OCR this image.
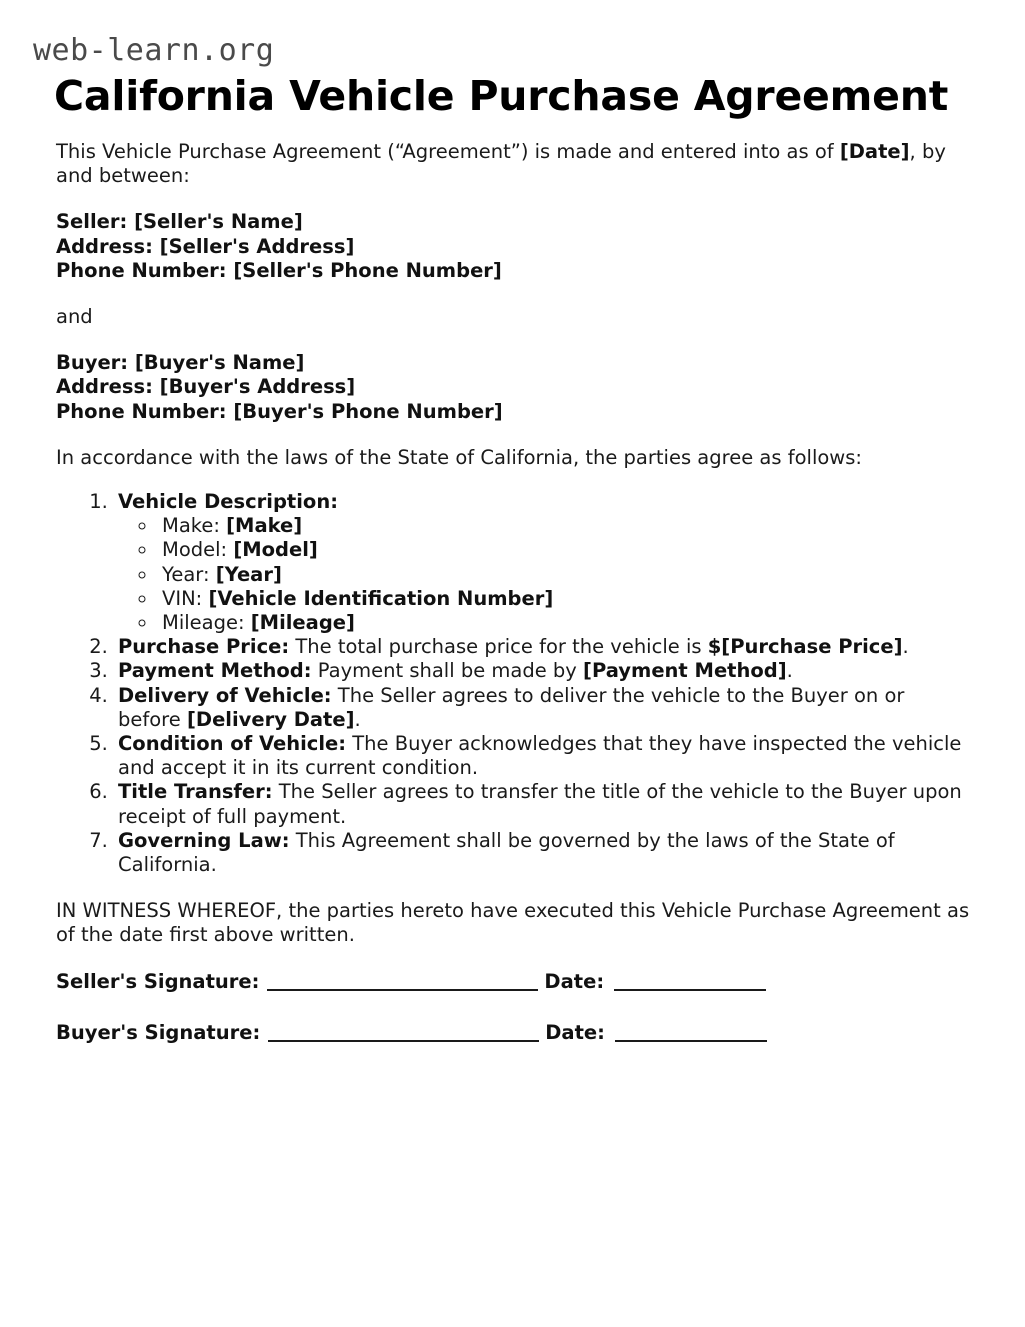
web-learn.org
California Vehicle Purchase Agreement

This Vehicle Purchase Agreement (“Agreement”) is made and entered into as of [Date], by and between:

Seller: [Seller's Name]
Address: [Seller's Address]
Phone Number: [Seller's Phone Number]

and

Buyer: [Buyer's Name]
Address: [Buyer's Address]
Phone Number: [Buyer's Phone Number]

In accordance with the laws of the State of California, the parties agree as follows:

1. Vehicle Description:
◦ Make: [Make]
◦ Model: [Model]
◦ Year: [Year]
◦ VIN: [Vehicle Identification Number]
◦ Mileage: [Mileage]
2. Purchase Price: The total purchase price for the vehicle is $[Purchase Price].
3. Payment Method: Payment shall be made by [Payment Method].
4. Delivery of Vehicle: The Seller agrees to deliver the vehicle to the Buyer on or before [Delivery Date].
5. Condition of Vehicle: The Buyer acknowledges that they have inspected the vehicle and accept it in its current condition.
6. Title Transfer: The Seller agrees to transfer the title of the vehicle to the Buyer upon receipt of full payment.
7. Governing Law: This Agreement shall be governed by the laws of the State of California.

IN WITNESS WHEREOF, the parties hereto have executed this Vehicle Purchase Agreement as of the date first above written.

Seller's Signature:	Date:
Buyer's Signature:	Date:
